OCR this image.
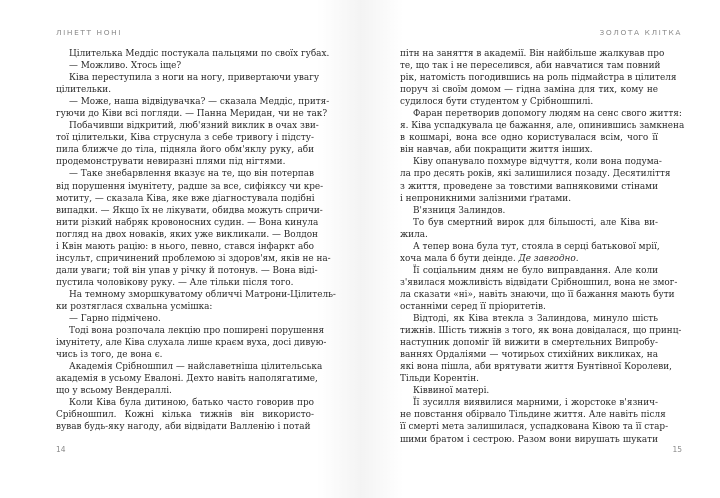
ЛІНЕТТ НОНІ
Цілителька Меддіс постукала пальцями по своїх губах.
— Можливо. Хтось іще?
Ківа переступила з ноги на ногу, привертаючи увагу
цілительки.
— Може, наша відвідувачка? — сказала Меддіс, притя-
гуючи до Ківи всі погляди. — Панна Меридан, чи не так?
Побачивши відкритий, люб'язний виклик в очах зви-
тої цілительки, Ківа струснула з себе тривогу і підсту-
пила ближче до тіла, підняла його обм'яклу руку, аби
продемонструвати невиразні плями під нігтями.
— Таке знебарвлення вказує на те, що він потерпав
від порушення імунітету, радше за все, сифіяксу чи кре-
мотиту, — сказала Ківа, яке вже діагностувала подібні
випадки. — Якщо їх не лікувати, обидва можуть спричи-
нити різкий набряк кровоносних судин. — Вона кинула
погляд на двох новаків, яких уже викликали. — Волдон
і Квін мають рацію: в нього, певно, стався інфаркт або
інсульт, спричинений проблемою зі здоров'ям, яків не на-
дали уваги; той він упав у річку й потонув. — Вона віді-
пустила чоловікову руку. — Але тільки після того.
На темному зморшкуватому обличчі Матрони-Цілитель-
ки розтяглася схвальна усмішка:
— Гарно підмічено.
Тоді вона розпочала лекцію про поширені порушення
імунітету, але Ківа слухала лише краєм вуха, досі дивую-
чись із того, де вона є.
Академія Срібношпил — найславетніша цілительська
академія в усьому Евалоні. Дехто навіть наполягатиме,
що у всьому Вендераллі.
Коли Ківа була дитиною, батько часто говорив про
Срібношпил. Кожні кілька тижнів він використо-
вував будь-яку нагоду, аби відвідати Валленію і потай
14
ЗОЛОТА КЛІТКА
пітн на заняття в академії. Він найбільше жалкував про
те, що так і не переселився, аби навчатися там повний
рік, натомість погодившись на роль підмайстра в цілителя
поруч зі своїм домом — гідна заміна для тих, кому не
судилося бути студентом у Срібношпилі.
Фаран перетворив допомогу людям на сенс свого життя:
я. Ківа успадкувала це бажання, але, опинившись замкнена
в кошмарі, вона все одно користувалася всім, чого її
він навчав, аби покращити життя інших.
Ківу опанувало похмуре відчуття, коли вона подума-
ла про десять років, які залишилися позаду. Десятиліття
з життя, проведене за товстими вапняковими стінами
і непроникними залізними ґратами.
В'язниця Залиндов.
То був смертний вирок для більшості, але Ківа ви-
жила.
А тепер вона була тут, стояла в серці батькової мрії,
хоча мала б бути деінде. Де завгодно.
Її соціальним дням не було виправдання. Але коли
з'явилася можливість відвідати Срібношпил, вона не змог-
ла сказати «ні», навіть знаючи, що її бажання мають бути
останніми серед її пріоритетів.
Відтоді, як Ківа втекла з Залиндова, минуло шість
тижнів. Шість тижнів з того, як вона довідалася, що принц-
наступник допоміг їй вижити в смертельних Випробу-
ваннях Ордаліями — чотирьох стихійних викликах, на
які вона пішла, аби врятувати життя Бунтівної Королеви,
Тільди Корентін.
Ківвиної матері.
Її зусилля виявилися марними, і жорстоке в'язнич-
не повстання обірвало Тільдине життя. Але навіть після
її смерті мета залишилася, успадкована Ківою та її стар-
шими братом і сестрою. Разом вони вирушать шукати
15
